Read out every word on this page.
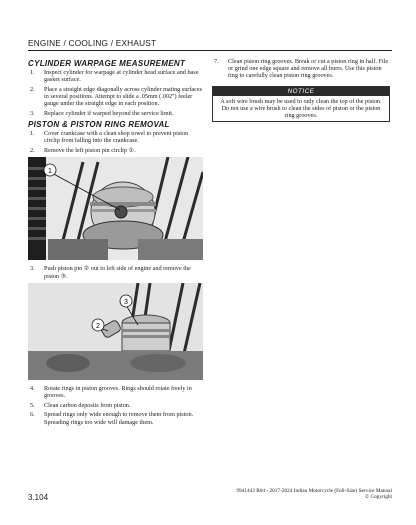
ENGINE / COOLING / EXHAUST
CYLINDER WARPAGE MEASUREMENT
1.	Inspect cylinder for warpage at cylinder head surface and base gasket surface.
2.	Place a straight edge diagonally across cylinder mating surfaces in several positions. Attempt to slide a .05mm (.002") feeler gauge under the straight edge in each position.
3.	Replace cylinder if warped beyond the service limit.
PISTON & PISTON RING REMOVAL
1.	Cover crankcase with a clean shop towel to prevent piston circlip from falling into the crankcase.
2.	Remove the left piston pin circlip ①.
1
3.	Push piston pin ② out to left side of engine and remove the piston ③.
3
2
4.	Rotate rings in piston grooves. Rings should rotate freely in grooves.
5.	Clean carbon deposits from piston.
6.	Spread rings only wide enough to remove them from piston. Spreading rings too wide will damage them.
7.	Clean piston ring grooves. Break or cut a piston ring in half. File or grind one edge square and remove all burrs. Use this piston ring to carefully clean piston ring grooves.
NOTICE
A soft wire brush may be used to only clean the top of the piston. Do not use a wire brush to clean the sides of piston or the piston ring grooves.
3.104
9941443 R04 - 2017-2024 Indian Motorcycle (Full-Size) Service Manual
© Copyright
